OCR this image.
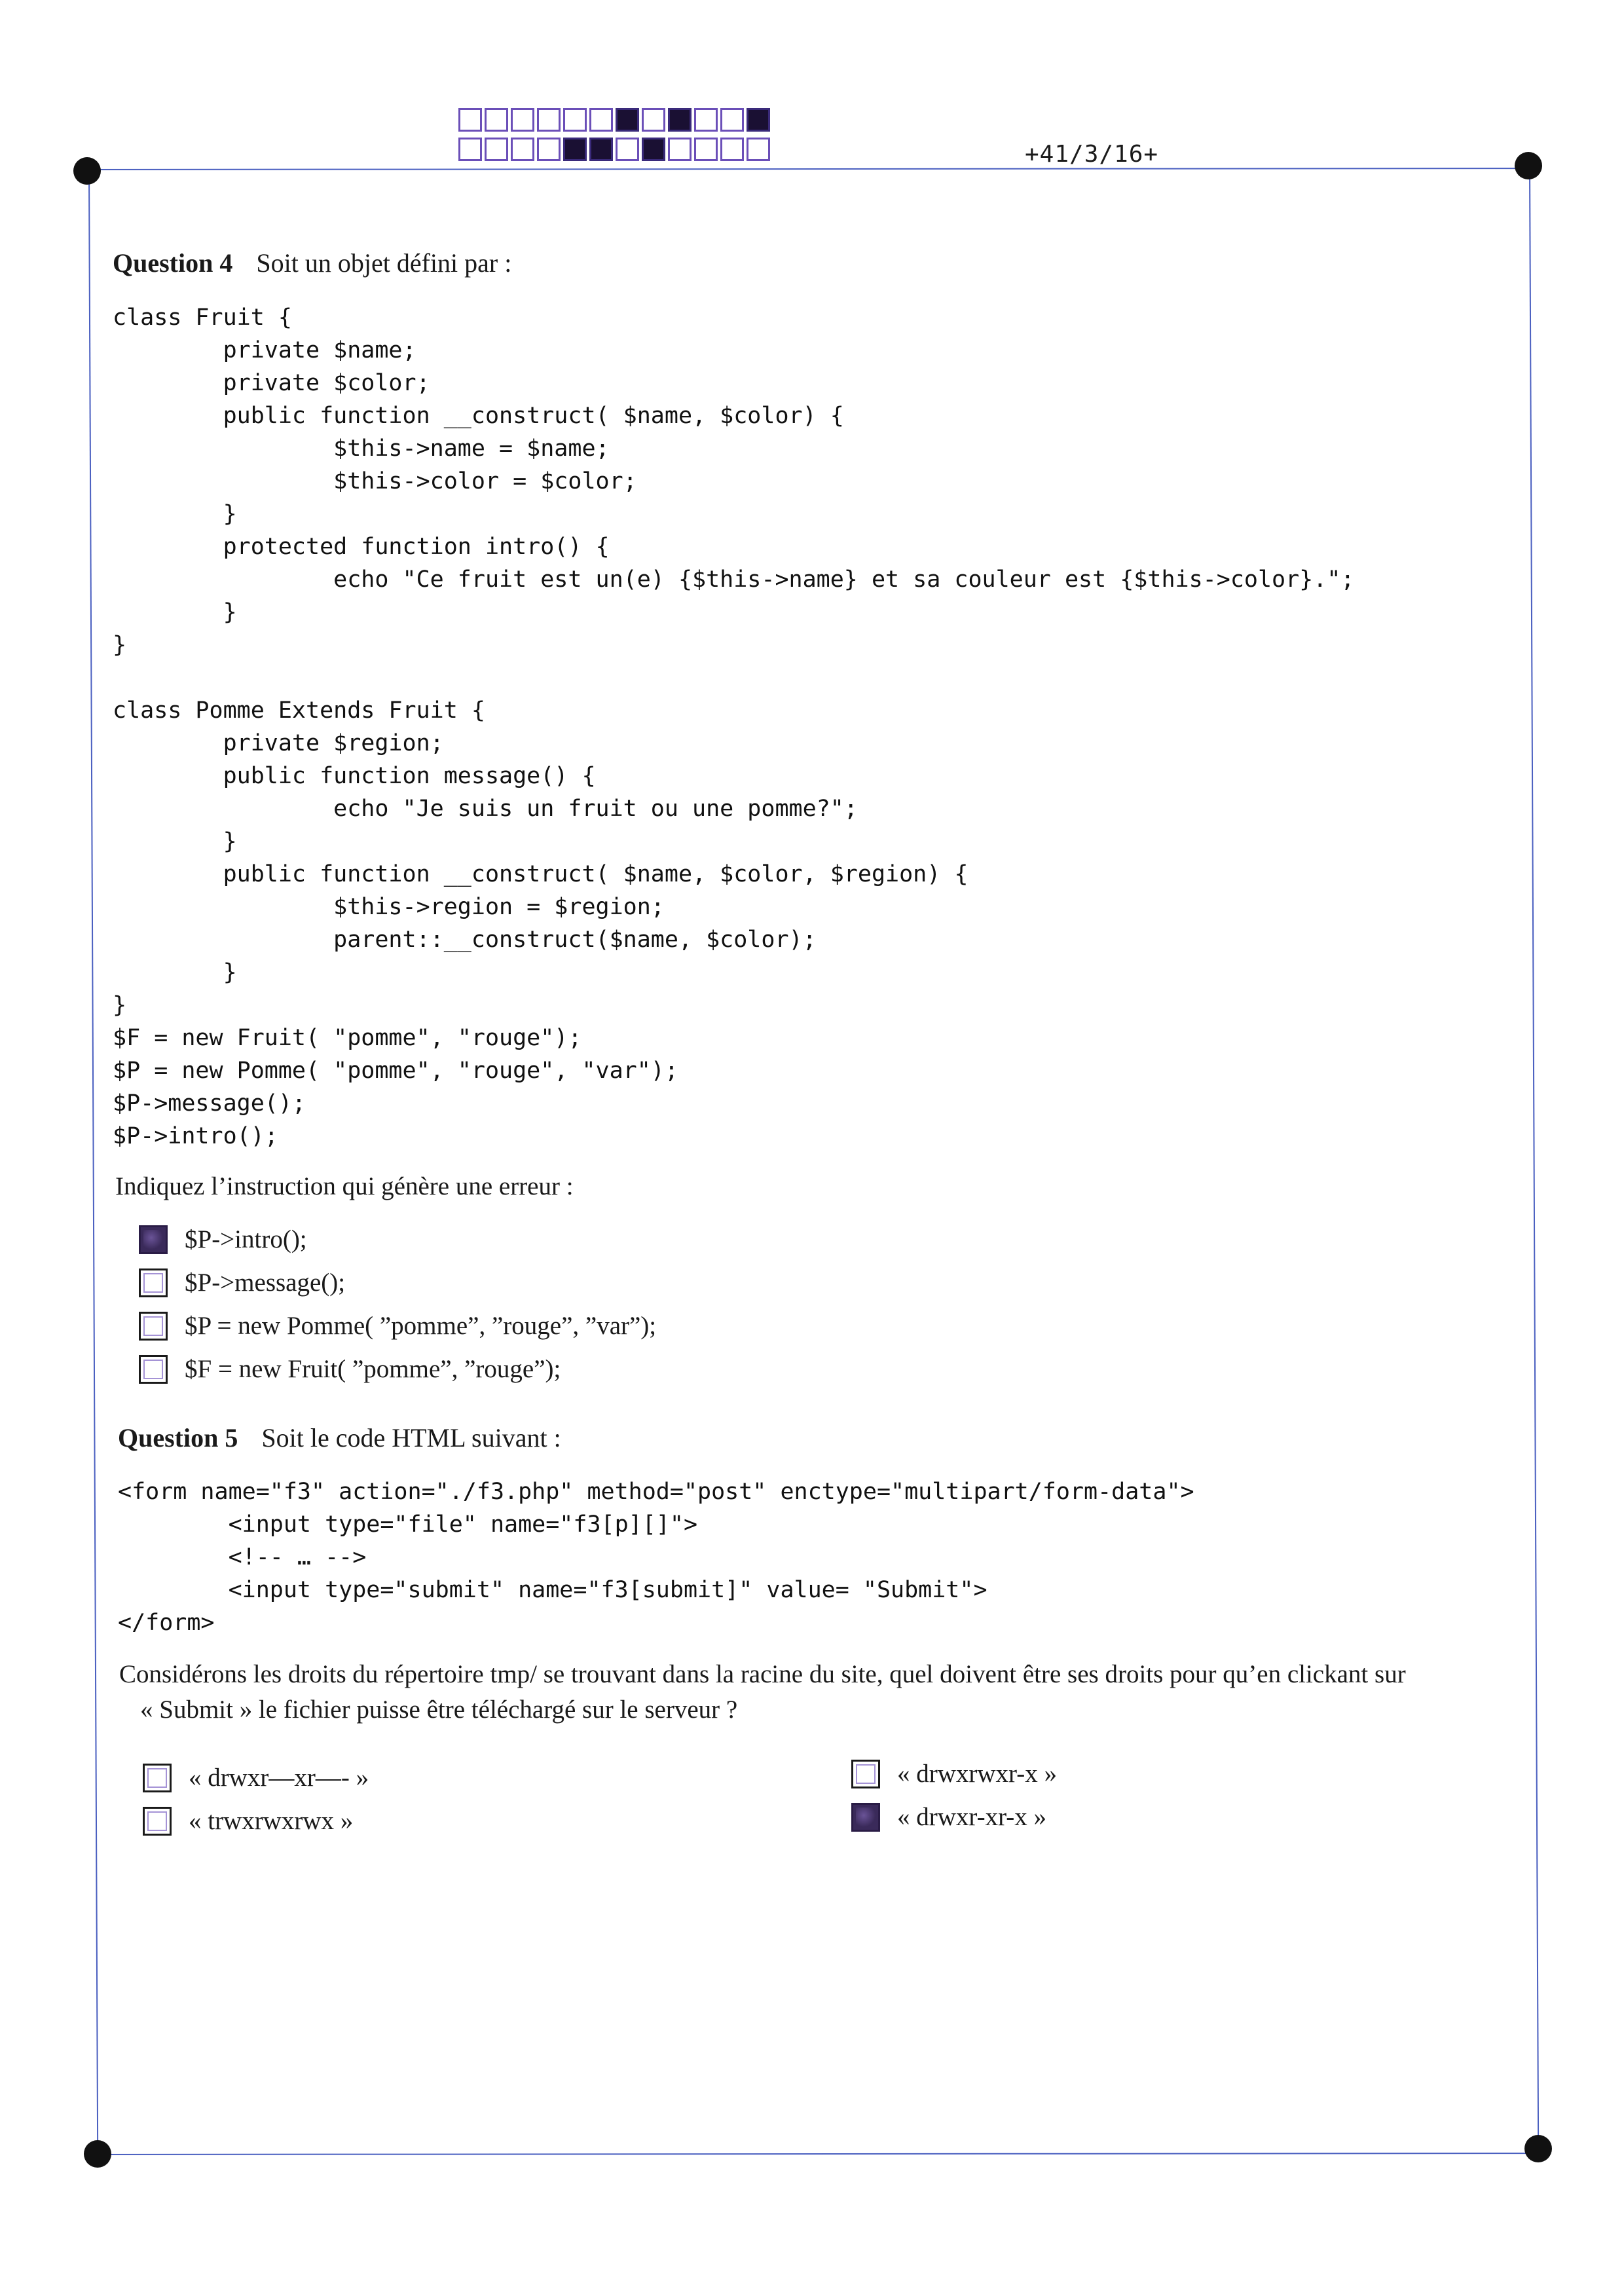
+41/3/16+
Question 4 Soit un objet défini par :
class Fruit {
private $name;
private $color;
public function __construct( $name, $color) {
$this->name = $name;
$this->color = $color;
}
protected function intro() {
echo "Ce fruit est un(e) {$this->name} et sa couleur est {$this->color}.";
}
}

class Pomme Extends Fruit {
private $region;
public function message() {
echo "Je suis un fruit ou une pomme?";
}
public function __construct( $name, $color, $region) {
$this->region = $region;
parent::__construct($name, $color);
}
}
$F = new Fruit( "pomme", "rouge");
$P = new Pomme( "pomme", "rouge", "var");
$P->message();
$P->intro();
Indiquez l’instruction qui génère une erreur :
$P->intro();
$P->message();
$P = new Pomme( ”pomme”, ”rouge”, ”var”);
$F = new Fruit( ”pomme”, ”rouge”);
Question 5 Soit le code HTML suivant :
<form name="f3" action="./f3.php" method="post" enctype="multipart/form-data">
<input type="file" name="f3[p][]">
<!-- … -->
<input type="submit" name="f3[submit]" value= "Submit">
</form>
Considérons les droits du répertoire tmp/ se trouvant dans la racine du site, quel doivent être ses droits pour qu’en clickant sur
« Submit » le fichier puisse être téléchargé sur le serveur ?
« drwxr—xr—- »
« trwxrwxrwx »
« drwxrwxr-x »
« drwxr-xr-x »
